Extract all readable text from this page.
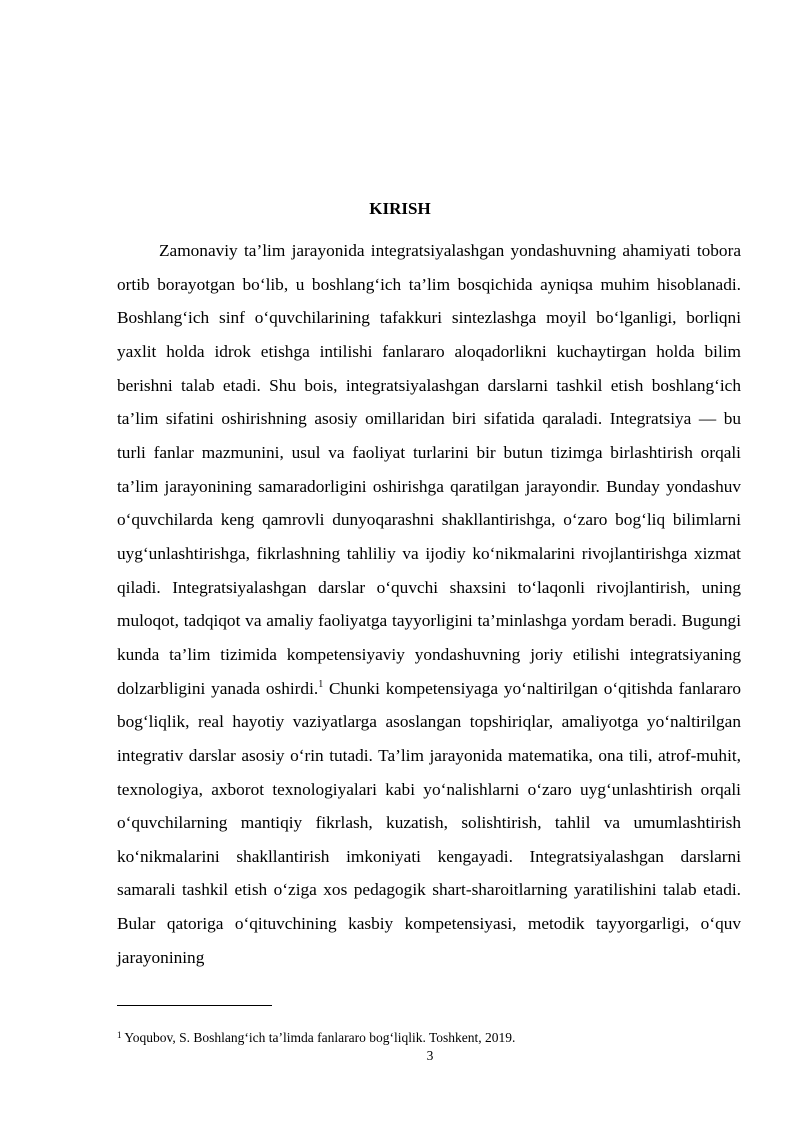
KIRISH

Zamonaviy ta’lim jarayonida integratsiyalashgan yondashuvning ahamiyati tobora ortib borayotgan bo‘lib, u boshlang‘ich ta’lim bosqichida ayniqsa muhim hisoblanadi. Boshlang‘ich sinf o‘quvchilarining tafakkuri sintezlashga moyil bo‘lganligi, borliqni yaxlit holda idrok etishga intilishi fanlararo aloqadorlikni kuchaytirgan holda bilim berishni talab etadi. Shu bois, integratsiyalashgan darslarni tashkil etish boshlang‘ich ta’lim sifatini oshirishning asosiy omillaridan biri sifatida qaraladi. Integratsiya — bu turli fanlar mazmunini, usul va faoliyat turlarini bir butun tizimga birlashtirish orqali ta’lim jarayonining samaradorligini oshirishga qaratilgan jarayondir. Bunday yondashuv o‘quvchilarda keng qamrovli dunyoqarashni shakllantirishga, o‘zaro bog‘liq bilimlarni uyg‘unlashtirishga, fikrlashning tahliliy va ijodiy ko‘nikmalarini rivojlantirishga xizmat qiladi. Integratsiyalashgan darslar o‘quvchi shaxsini to‘laqonli rivojlantirish, uning muloqot, tadqiqot va amaliy faoliyatga tayyorligini ta’minlashga yordam beradi. Bugungi kunda ta’lim tizimida kompetensiyaviy yondashuvning joriy etilishi integratsiyaning dolzarbligini yanada oshirdi.$^1$ Chunki kompetensiyaga yo‘naltirilgan o‘qitishda fanlararo bog‘liqlik, real hayotiy vaziyatlarga asoslangan topshiriqlar, amaliyotga yo‘naltirilgan integrativ darslar asosiy o‘rin tutadi. Ta’lim jarayonida matematika, ona tili, atrof-muhit, texnologiya, axborot texnologiyalari kabi yo‘nalishlarni o‘zaro uyg‘unlashtirish orqali o‘quvchilarning mantiqiy fikrlash, kuzatish, solishtirish, tahlil va umumlashtirish ko‘nikmalarini shakllantirish imkoniyati kengayadi. Integratsiyalashgan darslarni samarali tashkil etish o‘ziga xos pedagogik shart-sharoitlarning yaratilishini talab etadi. Bular qatoriga o‘qituvchining kasbiy kompetensiyasi, metodik tayyorgarligi, o‘quv jarayonining

$^1$ Yoqubov, S. Boshlang‘ich ta’limda fanlararo bog‘liqlik. Toshkent, 2019.
3
